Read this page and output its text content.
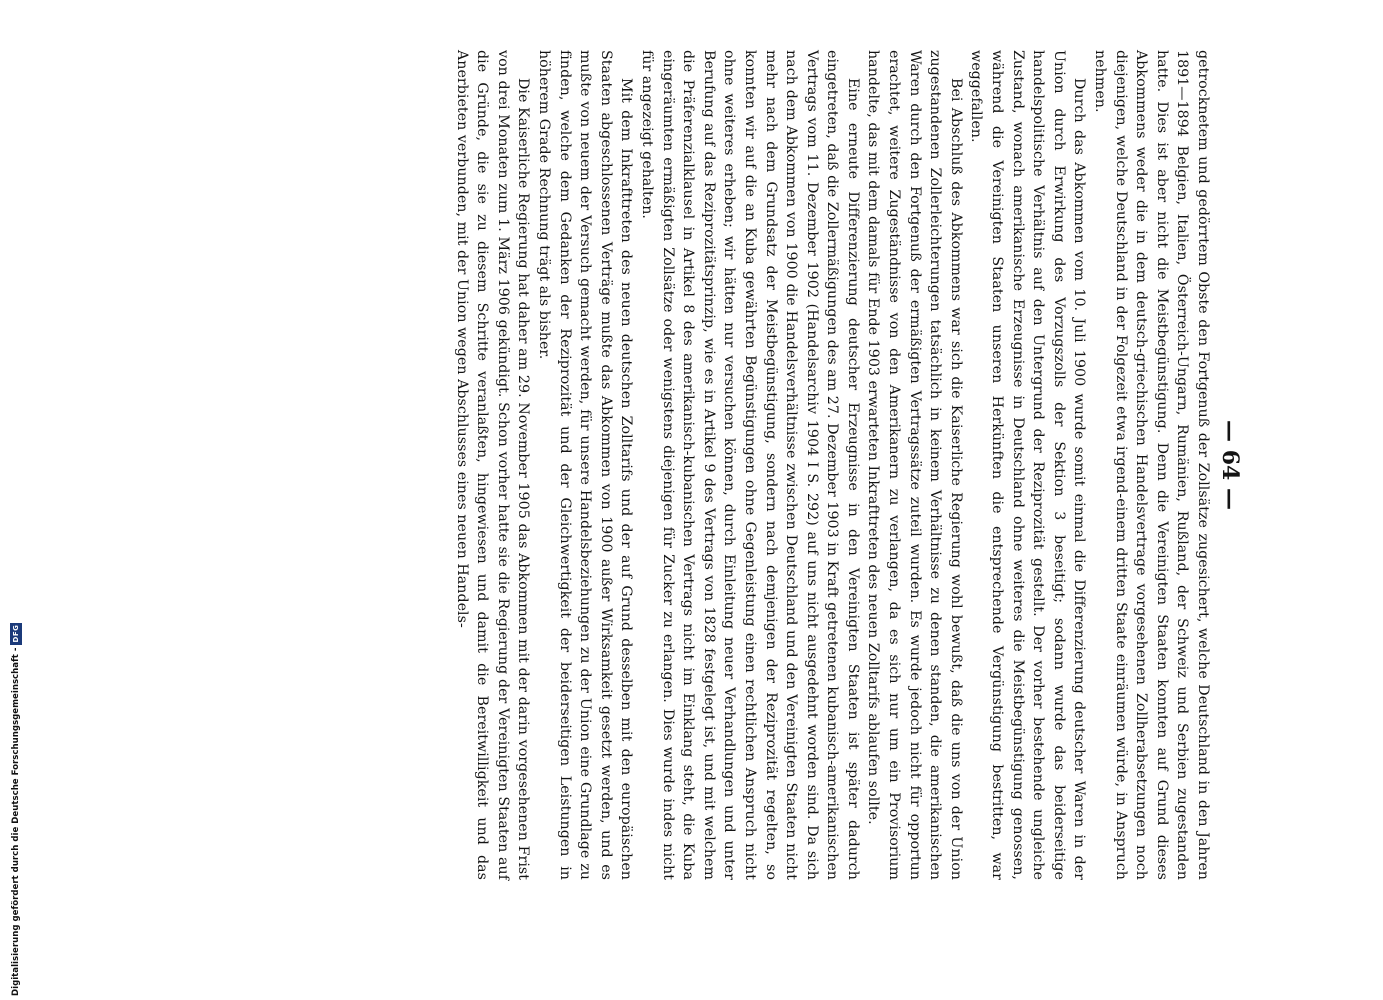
Digitalisierung gefördert durch die Deutsche Forschungsgemeinschaft -
DFG
— 64 —

getrocknetem und gedörrtem Obste den Fortgenuß der Zollsätze zugesichert, welche Deutschland in den Jahren 1891—1894 Belgien, Italien, Österreich-Ungarn, Rumänien, Rußland, der Schweiz und Serbien zugestanden hatte. Dies ist aber nicht die Meistbegünstigung. Denn die Vereinigten Staaten konnten auf Grund dieses Abkommens weder die in dem deutsch-griechischen Handelsvertrage vorgesehenen Zollherabsetzungen noch diejenigen, welche Deutschland in der Folgezeit etwa irgend-einem dritten Staate einräumen würde, in Anspruch nehmen.

Durch das Abkommen vom 10. Juli 1900 wurde somit einmal die Differenzierung deutscher Waren in der Union durch Erwirkung des Vorzugszolls der Sektion 3 beseitigt; sodann wurde das beiderseitige handelspolitische Verhältnis auf den Untergrund der Reziprozität gestellt. Der vorher bestehende ungleiche Zustand, wonach amerikanische Erzeugnisse in Deutschland ohne weiteres die Meistbegünstigung genossen, während die Vereinigten Staaten unseren Herkünften die entsprechende Vergünstigung bestritten, war weggefallen.

Bei Abschluß des Abkommens war sich die Kaiserliche Regierung wohl bewußt, daß die uns von der Union zugestandenen Zollerleichterungen tatsächlich in keinem Verhältnisse zu denen standen, die amerikanischen Waren durch den Fortgenuß der ermäßigten Vertragssätze zuteil wurden. Es wurde jedoch nicht für opportun erachtet, weitere Zugeständnisse von den Amerikanern zu verlangen, da es sich nur um ein Provisorium handelte, das mit dem damals für Ende 1903 erwarteten Inkrafttreten des neuen Zolltarifs ablaufen sollte.

Eine erneute Differenzierung deutscher Erzeugnisse in den Vereinigten Staaten ist später dadurch eingetreten, daß die Zollermäßigungen des am 27. Dezember 1903 in Kraft getretenen kubanisch-amerikanischen Vertrags vom 11. Dezember 1902 (Handelsarchiv 1904 I S. 292) auf uns nicht ausgedehnt worden sind. Da sich nach dem Abkommen von 1900 die Handelsverhältnisse zwischen Deutschland und den Vereinigten Staaten nicht mehr nach dem Grundsatz der Meistbegünstigung, sondern nach demjenigen der Reziprozität regelten, so konnten wir auf die an Kuba gewährten Begünstigungen ohne Gegenleistung einen rechtlichen Anspruch nicht ohne weiteres erheben; wir hätten nur versuchen können, durch Einleitung neuer Verhandlungen und unter Berufung auf das Reziprozitätsprinzip, wie es in Artikel 9 des Vertrags von 1828 festgelegt ist, und mit welchem die Präferenzialklausel in Artikel 8 des amerikanisch-kubanischen Vertrags nicht im Einklang steht, die Kuba eingeräumten ermäßigten Zollsätze oder wenigstens diejenigen für Zucker zu erlangen. Dies wurde indes nicht für angezeigt gehalten.

Mit dem Inkrafttreten des neuen deutschen Zolltarifs und der auf Grund desselben mit den europäischen Staaten abgeschlossenen Verträge mußte das Abkommen von 1900 außer Wirksamkeit gesetzt werden, und es mußte von neuem der Versuch gemacht werden, für unsere Handelsbeziehungen zu der Union eine Grundlage zu finden, welche dem Gedanken der Reziprozität und der Gleichwertigkeit der beiderseitigen Leistungen in höherem Grade Rechnung trägt als bisher.

Die Kaiserliche Regierung hat daher am 29. November 1905 das Abkommen mit der darin vorgesehenen Frist von drei Monaten zum 1. März 1906 gekündigt. Schon vorher hatte sie die Regierung der Vereinigten Staaten auf die Gründe, die sie zu diesem Schritte veranlaßten, hingewiesen und damit die Bereitwilligkeit und das Anerbieten verbunden, mit der Union wegen Abschlusses eines neuen Handels-
